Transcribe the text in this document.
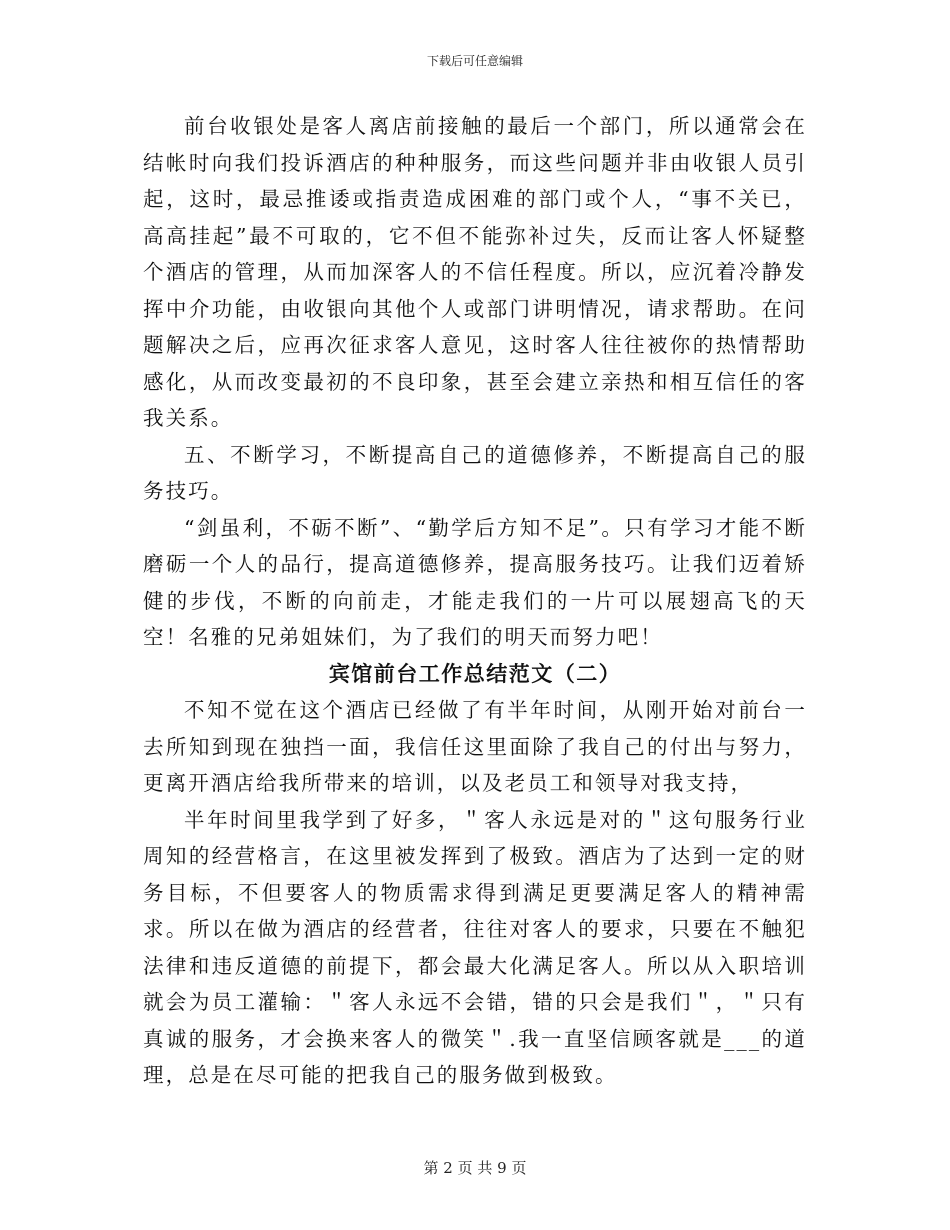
下载后可任意编辑

前台收银处是客人离店前接触的最后一个部门，所以通常会在结帐时向我们投诉酒店的种种服务，而这些问题并非由收银人员引起，这时，最忌推诿或指责造成困难的部门或个人，“事不关已，高高挂起”最不可取的，它不但不能弥补过失，反而让客人怀疑整个酒店的管理，从而加深客人的不信任程度。所以，应沉着冷静发挥中介功能，由收银向其他个人或部门讲明情况，请求帮助。在问题解决之后，应再次征求客人意见，这时客人往往被你的热情帮助感化，从而改变最初的不良印象，甚至会建立亲热和相互信任的客我关系。

五、不断学习，不断提高自己的道德修养，不断提高自己的服务技巧。

“剑虽利，不砺不断”、“勤学后方知不足”。只有学习才能不断磨砺一个人的品行，提高道德修养，提高服务技巧。让我们迈着矫健的步伐，不断的向前走，才能走我们的一片可以展翅高飞的天空！名雅的兄弟姐妹们，为了我们的明天而努力吧！

宾馆前台工作总结范文（二）

不知不觉在这个酒店已经做了有半年时间，从刚开始对前台一去所知到现在独挡一面，我信任这里面除了我自己的付出与努力，更离开酒店给我所带来的培训，以及老员工和领导对我支持，

半年时间里我学到了好多，＂客人永远是对的＂这句服务行业周知的经营格言，在这里被发挥到了极致。酒店为了达到一定的财务目标，不但要客人的物质需求得到满足更要满足客人的精神需求。所以在做为酒店的经营者，往往对客人的要求，只要在不触犯法律和违反道德的前提下，都会最大化满足客人。所以从入职培训就会为员工灌输：＂客人永远不会错，错的只会是我们＂，＂只有真诚的服务，才会换来客人的微笑＂.我一直坚信顾客就是___的道理，总是在尽可能的把我自己的服务做到极致。

第 2 页 共 9 页
